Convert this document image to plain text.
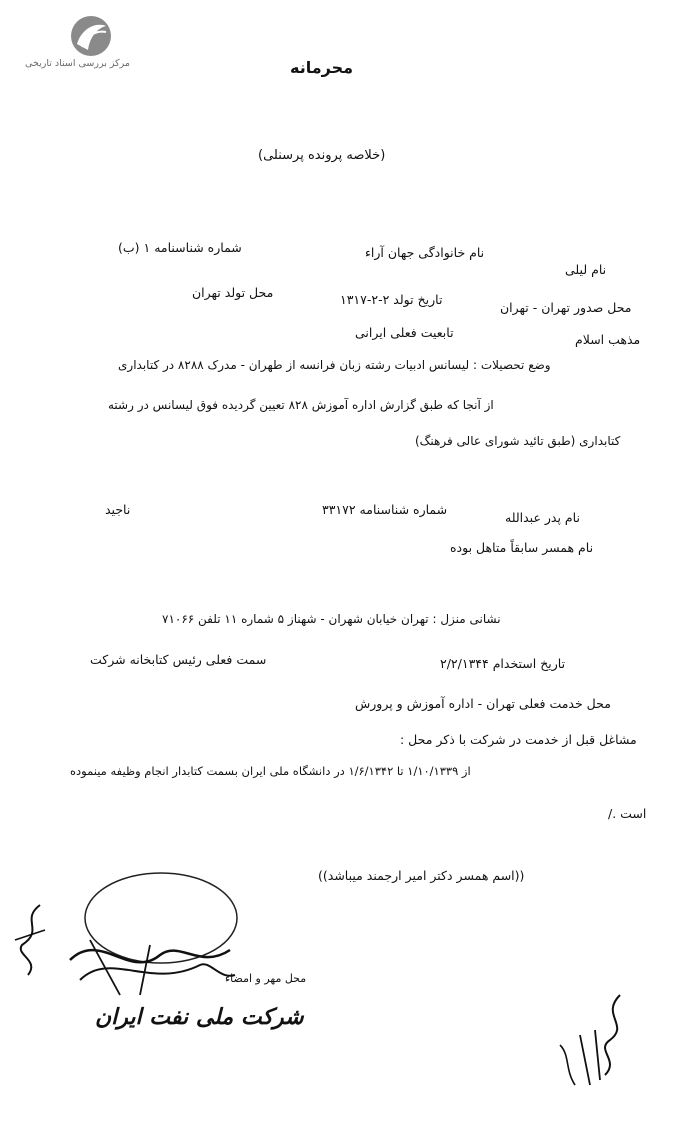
مرکز بررسی اسناد تاریخی	محرمانه
(خلاصه پرونده پرسنلی)
شماره شناسنامه ۱ (ب)	نام خانوادگی جهان آراء
نام لیلی
محل تولد تهران	تاریخ تولد ۲-۲-۱۳۱۷
محل صدور تهران - تهران
تابعیت فعلی ایرانی	مذهب اسلام
وضع تحصیلات : لیسانس ادبیات رشته زبان فرانسه از طهران - مدرک ۸۲۸۸ در کتابداری
از آنجا که طبق گزارش اداره آموزش ۸۲۸ تعیین گردیده فوق لیسانس در رشته
کتابداری (طبق تائید شورای عالی فرهنگ)
شماره شناسنامه ۳۳۱۷۲
ناجید
نام پدر عبدالله
نام همسر سابقاً متاهل بوده
نشانی منزل : تهران خیابان شهران - شهناز ۵ شماره ۱۱ تلفن ۷۱۰۶۶
سمت فعلی رئیس کتابخانه شرکت	تاریخ استخدام ۲/۲/۱۳۴۴
محل خدمت فعلی تهران - اداره آموزش و پرورش
مشاغل قبل از خدمت در شرکت با ذکر محل :
از ۱/۱۰/۱۳۳۹ تا ۱/۶/۱۳۴۲ در دانشگاه ملی ایران بسمت کتابدار انجام وظیفه مینموده
است ./
((اسم همسر دکتر امیر ارجمند میباشد))
محل مهر و امضاء
شرکت ملی نفت ایران
